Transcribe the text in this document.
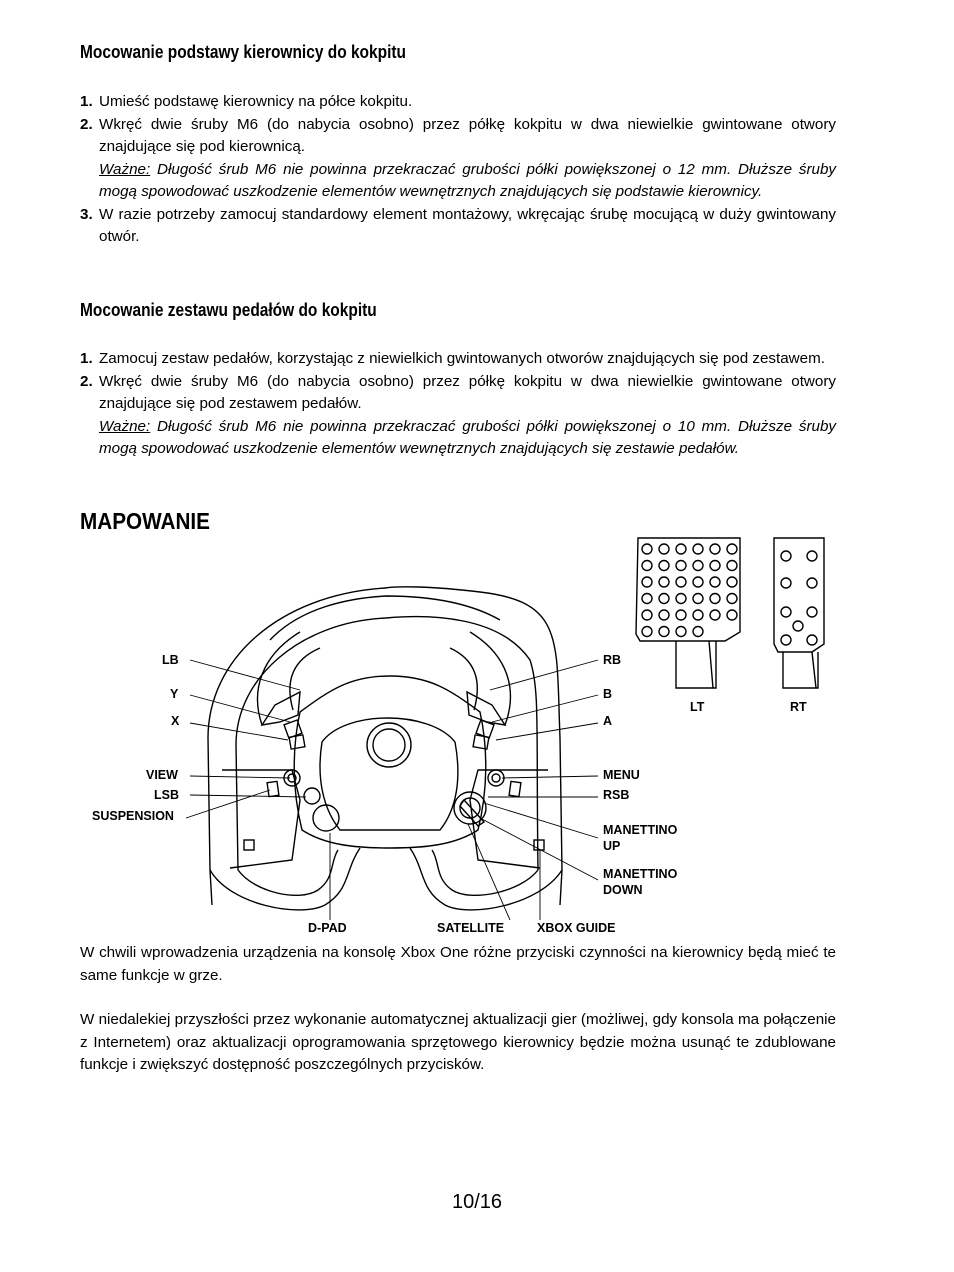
Mocowanie podstawy kierownicy do kokpitu
1. Umieść podstawę kierownicy na półce kokpitu.
2. Wkręć dwie śruby M6 (do nabycia osobno) przez półkę kokpitu w dwa niewielkie gwintowane otwory znajdujące się pod kierownicą.
Ważne: Długość śrub M6 nie powinna przekraczać grubości półki powiększonej o 12 mm. Dłuższe śruby mogą spowodować uszkodzenie elementów wewnętrznych znajdujących się podstawie kierownicy.
3. W razie potrzeby zamocuj standardowy element montażowy, wkręcając śrubę mocującą w duży gwintowany otwór.
Mocowanie zestawu pedałów do kokpitu
1. Zamocuj zestaw pedałów, korzystając z niewielkich gwintowanych otworów znajdujących się pod zestawem.
2. Wkręć dwie śruby M6 (do nabycia osobno) przez półkę kokpitu w dwa niewielkie gwintowane otwory znajdujące się pod zestawem pedałów.
Ważne: Długość śrub M6 nie powinna przekraczać grubości półki powiększonej o 10 mm. Dłuższe śruby mogą spowodować uszkodzenie elementów wewnętrznych znajdujących się zestawie pedałów.
MAPOWANIE

W chwili wprowadzenia urządzenia na konsolę Xbox One różne przyciski czynności na kierownicy będą mieć te same funkcje w grze.

W niedalekiej przyszłości przez wykonanie automatycznej aktualizacji gier (możliwej, gdy konsola ma połączenie z Internetem) oraz aktualizacji oprogramowania sprzętowego kierownicy będzie można usunąć te zdublowane funkcje i zwiększyć dostępność poszczególnych przycisków.

LB
Y
X
VIEW
LSB
SUSPENSION
RB
B
A
MENU
RSB
MANETTINO
UP
MANETTINO
DOWN
D-PAD	SATELLITE	XBOX GUIDE
LT	RT
10/16
